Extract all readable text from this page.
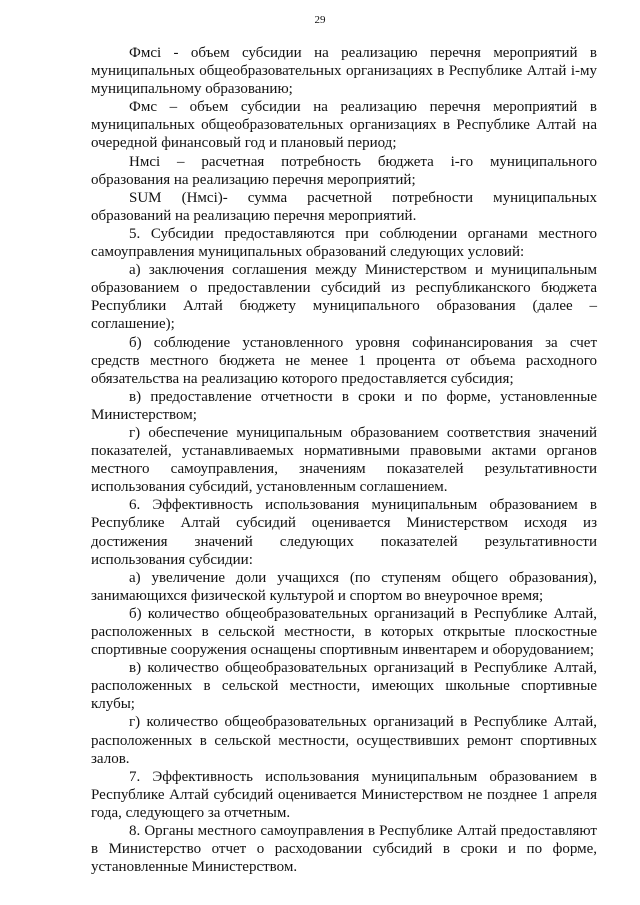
29

Фмсi - объем субсидии на реализацию перечня мероприятий в муниципальных общеобразовательных организациях в Республике Алтай i-му муниципальному образованию;

Фмс – объем субсидии на реализацию перечня мероприятий в муниципальных общеобразовательных организациях в Республике Алтай на очередной финансовый год и плановый период;

Нмсi – расчетная потребность бюджета i-го муниципального образования на реализацию перечня мероприятий;

SUM (Нмсi)- сумма расчетной потребности муниципальных образований на реализацию перечня мероприятий.

5. Субсидии предоставляются при соблюдении органами местного самоуправления муниципальных образований следующих условий:

а) заключения соглашения между Министерством и муниципальным образованием о предоставлении субсидий из республиканского бюджета Республики Алтай бюджету муниципального образования (далее – соглашение);

б) соблюдение установленного уровня софинансирования за счет средств местного бюджета не менее 1 процента от объема расходного обязательства на реализацию которого предоставляется субсидия;

в) предоставление отчетности в сроки и по форме, установленные Министерством;

г) обеспечение муниципальным образованием соответствия значений показателей, устанавливаемых нормативными правовыми актами органов местного самоуправления, значениям показателей результативности использования субсидий, установленным соглашением.

6. Эффективность использования муниципальным образованием в Республике Алтай субсидий оценивается Министерством исходя из достижения значений следующих показателей результативности использования субсидии:

а) увеличение доли учащихся (по ступеням общего образования), занимающихся физической культурой и спортом во внеурочное время;

б) количество общеобразовательных организаций в Республике Алтай, расположенных в сельской местности, в которых открытые плоскостные спортивные сооружения оснащены спортивным инвентарем и оборудованием;

в) количество общеобразовательных организаций в Республике Алтай, расположенных в сельской местности, имеющих школьные спортивные клубы;

г) количество общеобразовательных организаций в Республике Алтай, расположенных в сельской местности, осуществивших ремонт спортивных залов.

7. Эффективность использования муниципальным образованием в Республике Алтай субсидий оценивается Министерством не позднее 1 апреля года, следующего за отчетным.

8. Органы местного самоуправления в Республике Алтай предоставляют в Министерство отчет о расходовании субсидий в сроки и по форме, установленные Министерством.
